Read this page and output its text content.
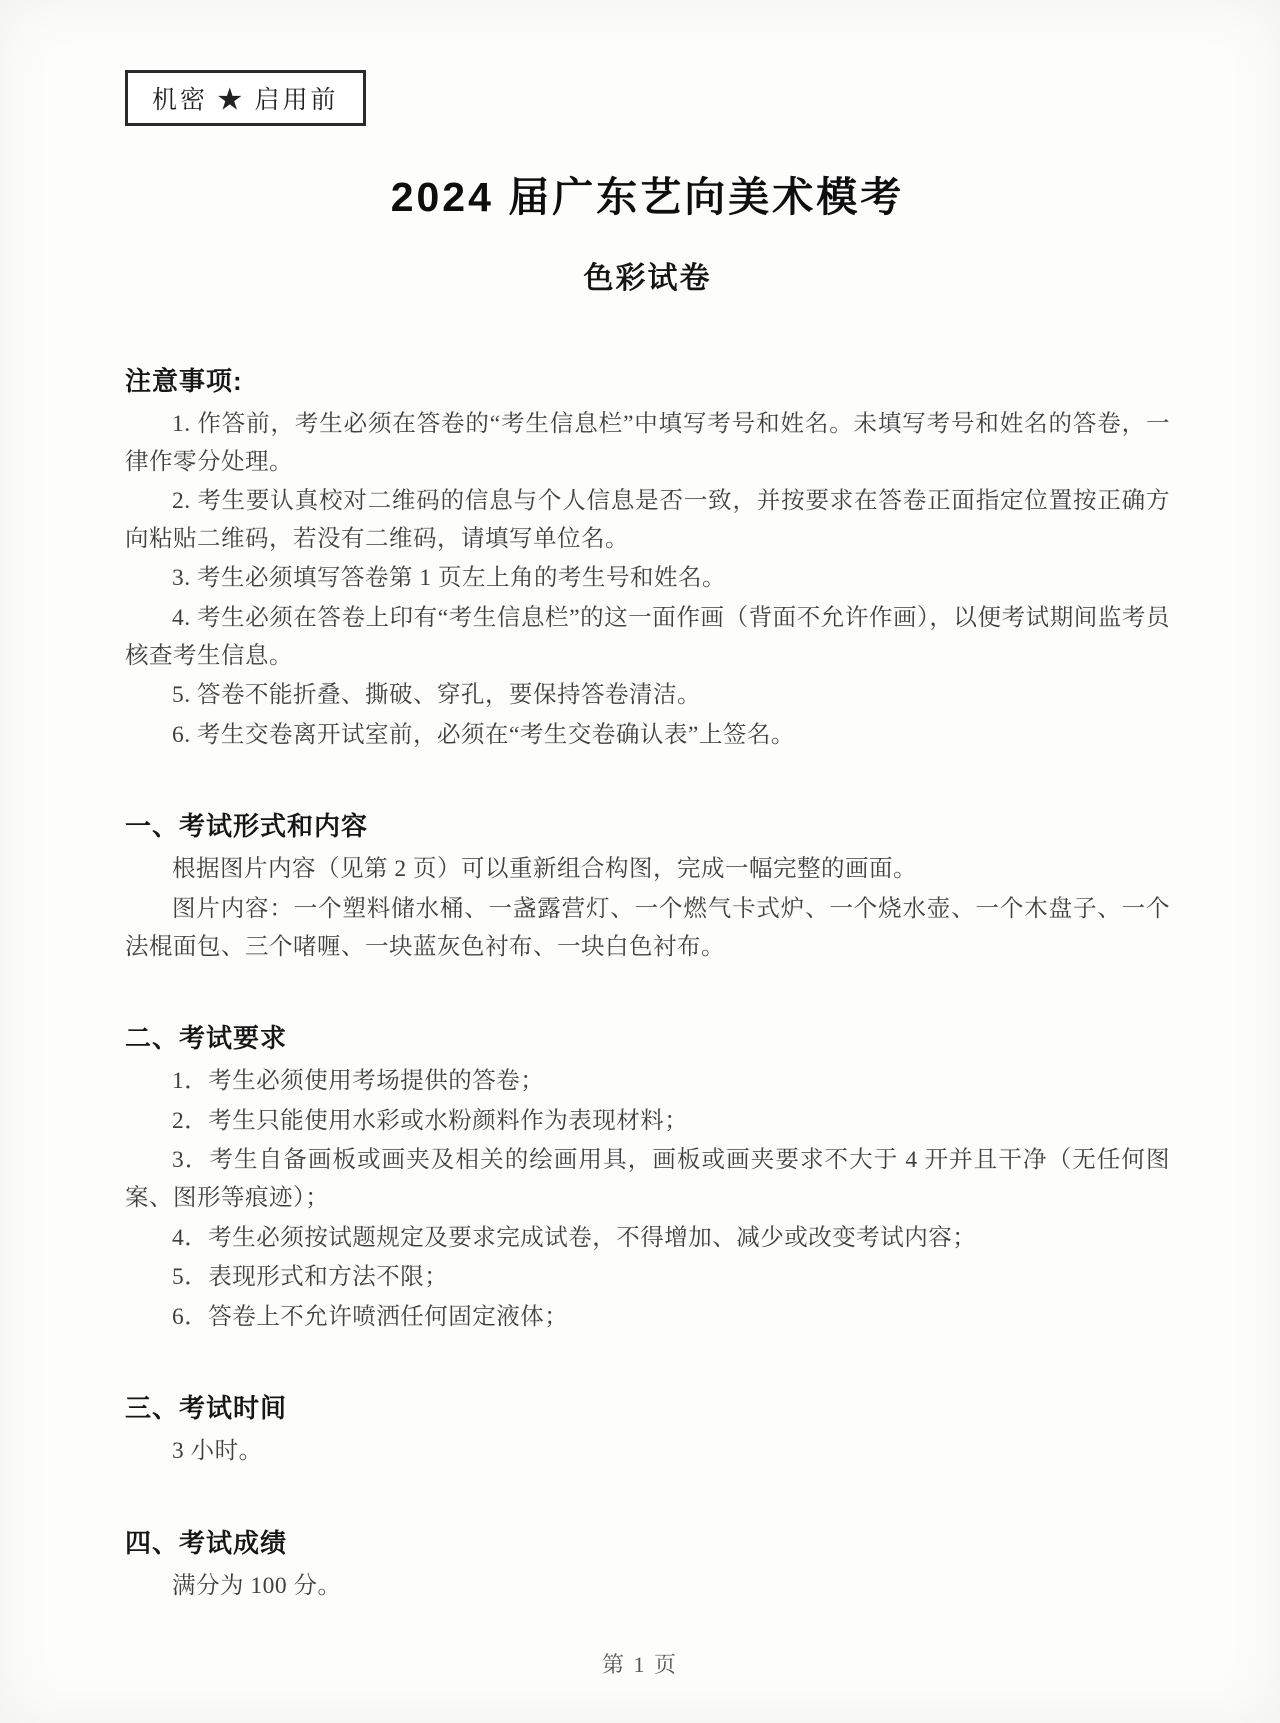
机密 ★ 启用前
2024 届广东艺向美术模考
色彩试卷
注意事项:

1. 作答前，考生必须在答卷的“考生信息栏”中填写考号和姓名。未填写考号和姓名的答卷，一律作零分处理。

2. 考生要认真校对二维码的信息与个人信息是否一致，并按要求在答卷正面指定位置按正确方向粘贴二维码，若没有二维码，请填写单位名。

3. 考生必须填写答卷第 1 页左上角的考生号和姓名。

4. 考生必须在答卷上印有“考生信息栏”的这一面作画（背面不允许作画），以便考试期间监考员核查考生信息。

5. 答卷不能折叠、撕破、穿孔，要保持答卷清洁。

6. 考生交卷离开试室前，必须在“考生交卷确认表”上签名。

一、考试形式和内容

根据图片内容（见第 2 页）可以重新组合构图，完成一幅完整的画面。

图片内容：一个塑料储水桶、一盏露营灯、一个燃气卡式炉、一个烧水壶、一个木盘子、一个法棍面包、三个啫喱、一块蓝灰色衬布、一块白色衬布。

二、考试要求

1．考生必须使用考场提供的答卷；

2．考生只能使用水彩或水粉颜料作为表现材料；

3．考生自备画板或画夹及相关的绘画用具，画板或画夹要求不大于 4 开并且干净（无任何图案、图形等痕迹）；

4．考生必须按试题规定及要求完成试卷，不得增加、减少或改变考试内容；

5．表现形式和方法不限；

6．答卷上不允许喷洒任何固定液体；

三、考试时间

3 小时。

四、考试成绩

满分为 100 分。

第 1 页
